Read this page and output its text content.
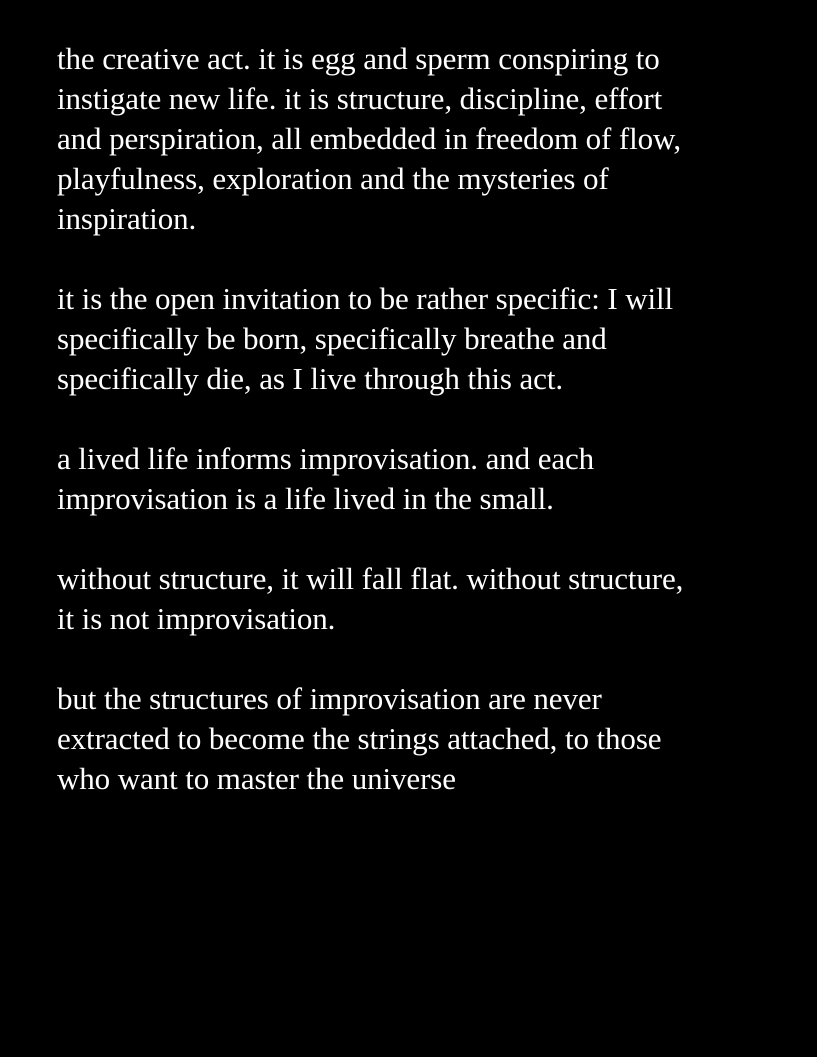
the creative act. it is egg and sperm conspiring to
instigate new life. it is structure, discipline, effort
and perspiration, all embedded in freedom of flow,
playfulness, exploration and the mysteries of
inspiration.

it is the open invitation to be rather specific: I will
specifically be born, specifically breathe and
specifically die, as I live through this act.

a lived life informs improvisation. and each
improvisation is a life lived in the small.

without structure, it will fall flat. without structure,
it is not improvisation.

but the structures of improvisation are never
extracted to become the strings attached, to those
who want to master the universe
